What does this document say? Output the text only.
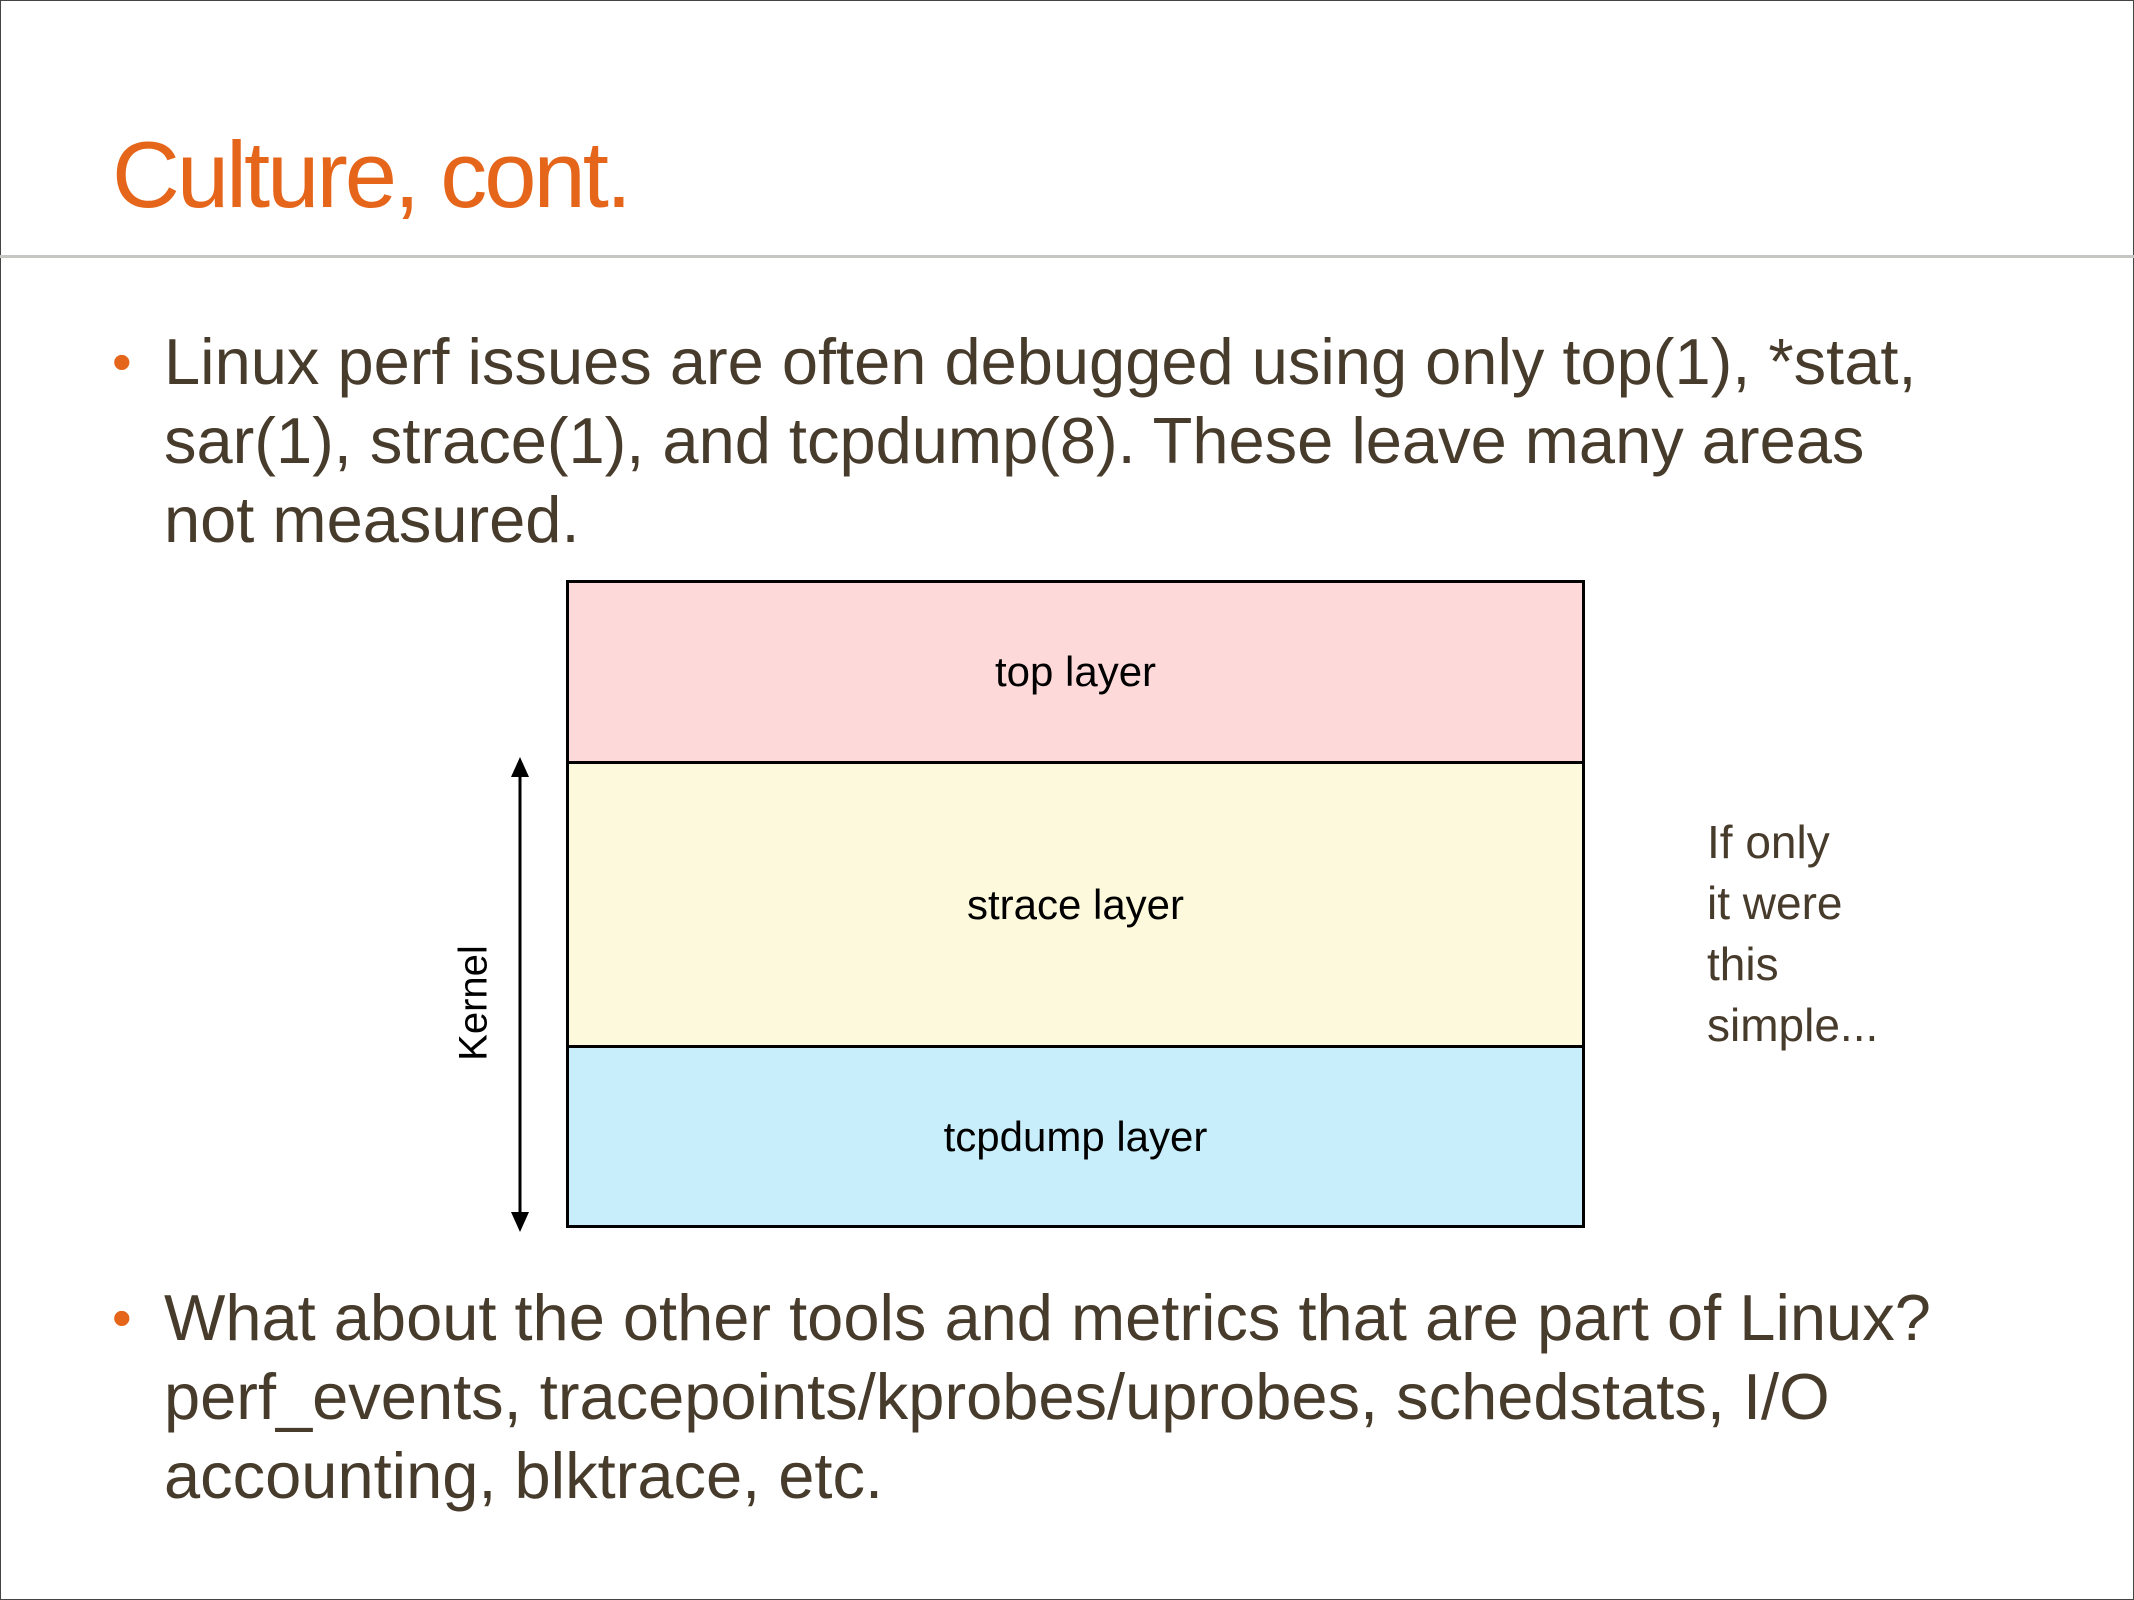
Culture, cont.
• Linux perf issues are often debugged using only top(1), *stat,
sar(1), strace(1), and tcpdump(8). These leave many areas
not measured.
top layer
strace layer
tcpdump layer
Kernel
If only
it were
this
simple...
• What about the other tools and metrics that are part of Linux?
perf_events, tracepoints/kprobes/uprobes, schedstats, I/O
accounting, blktrace, etc.
